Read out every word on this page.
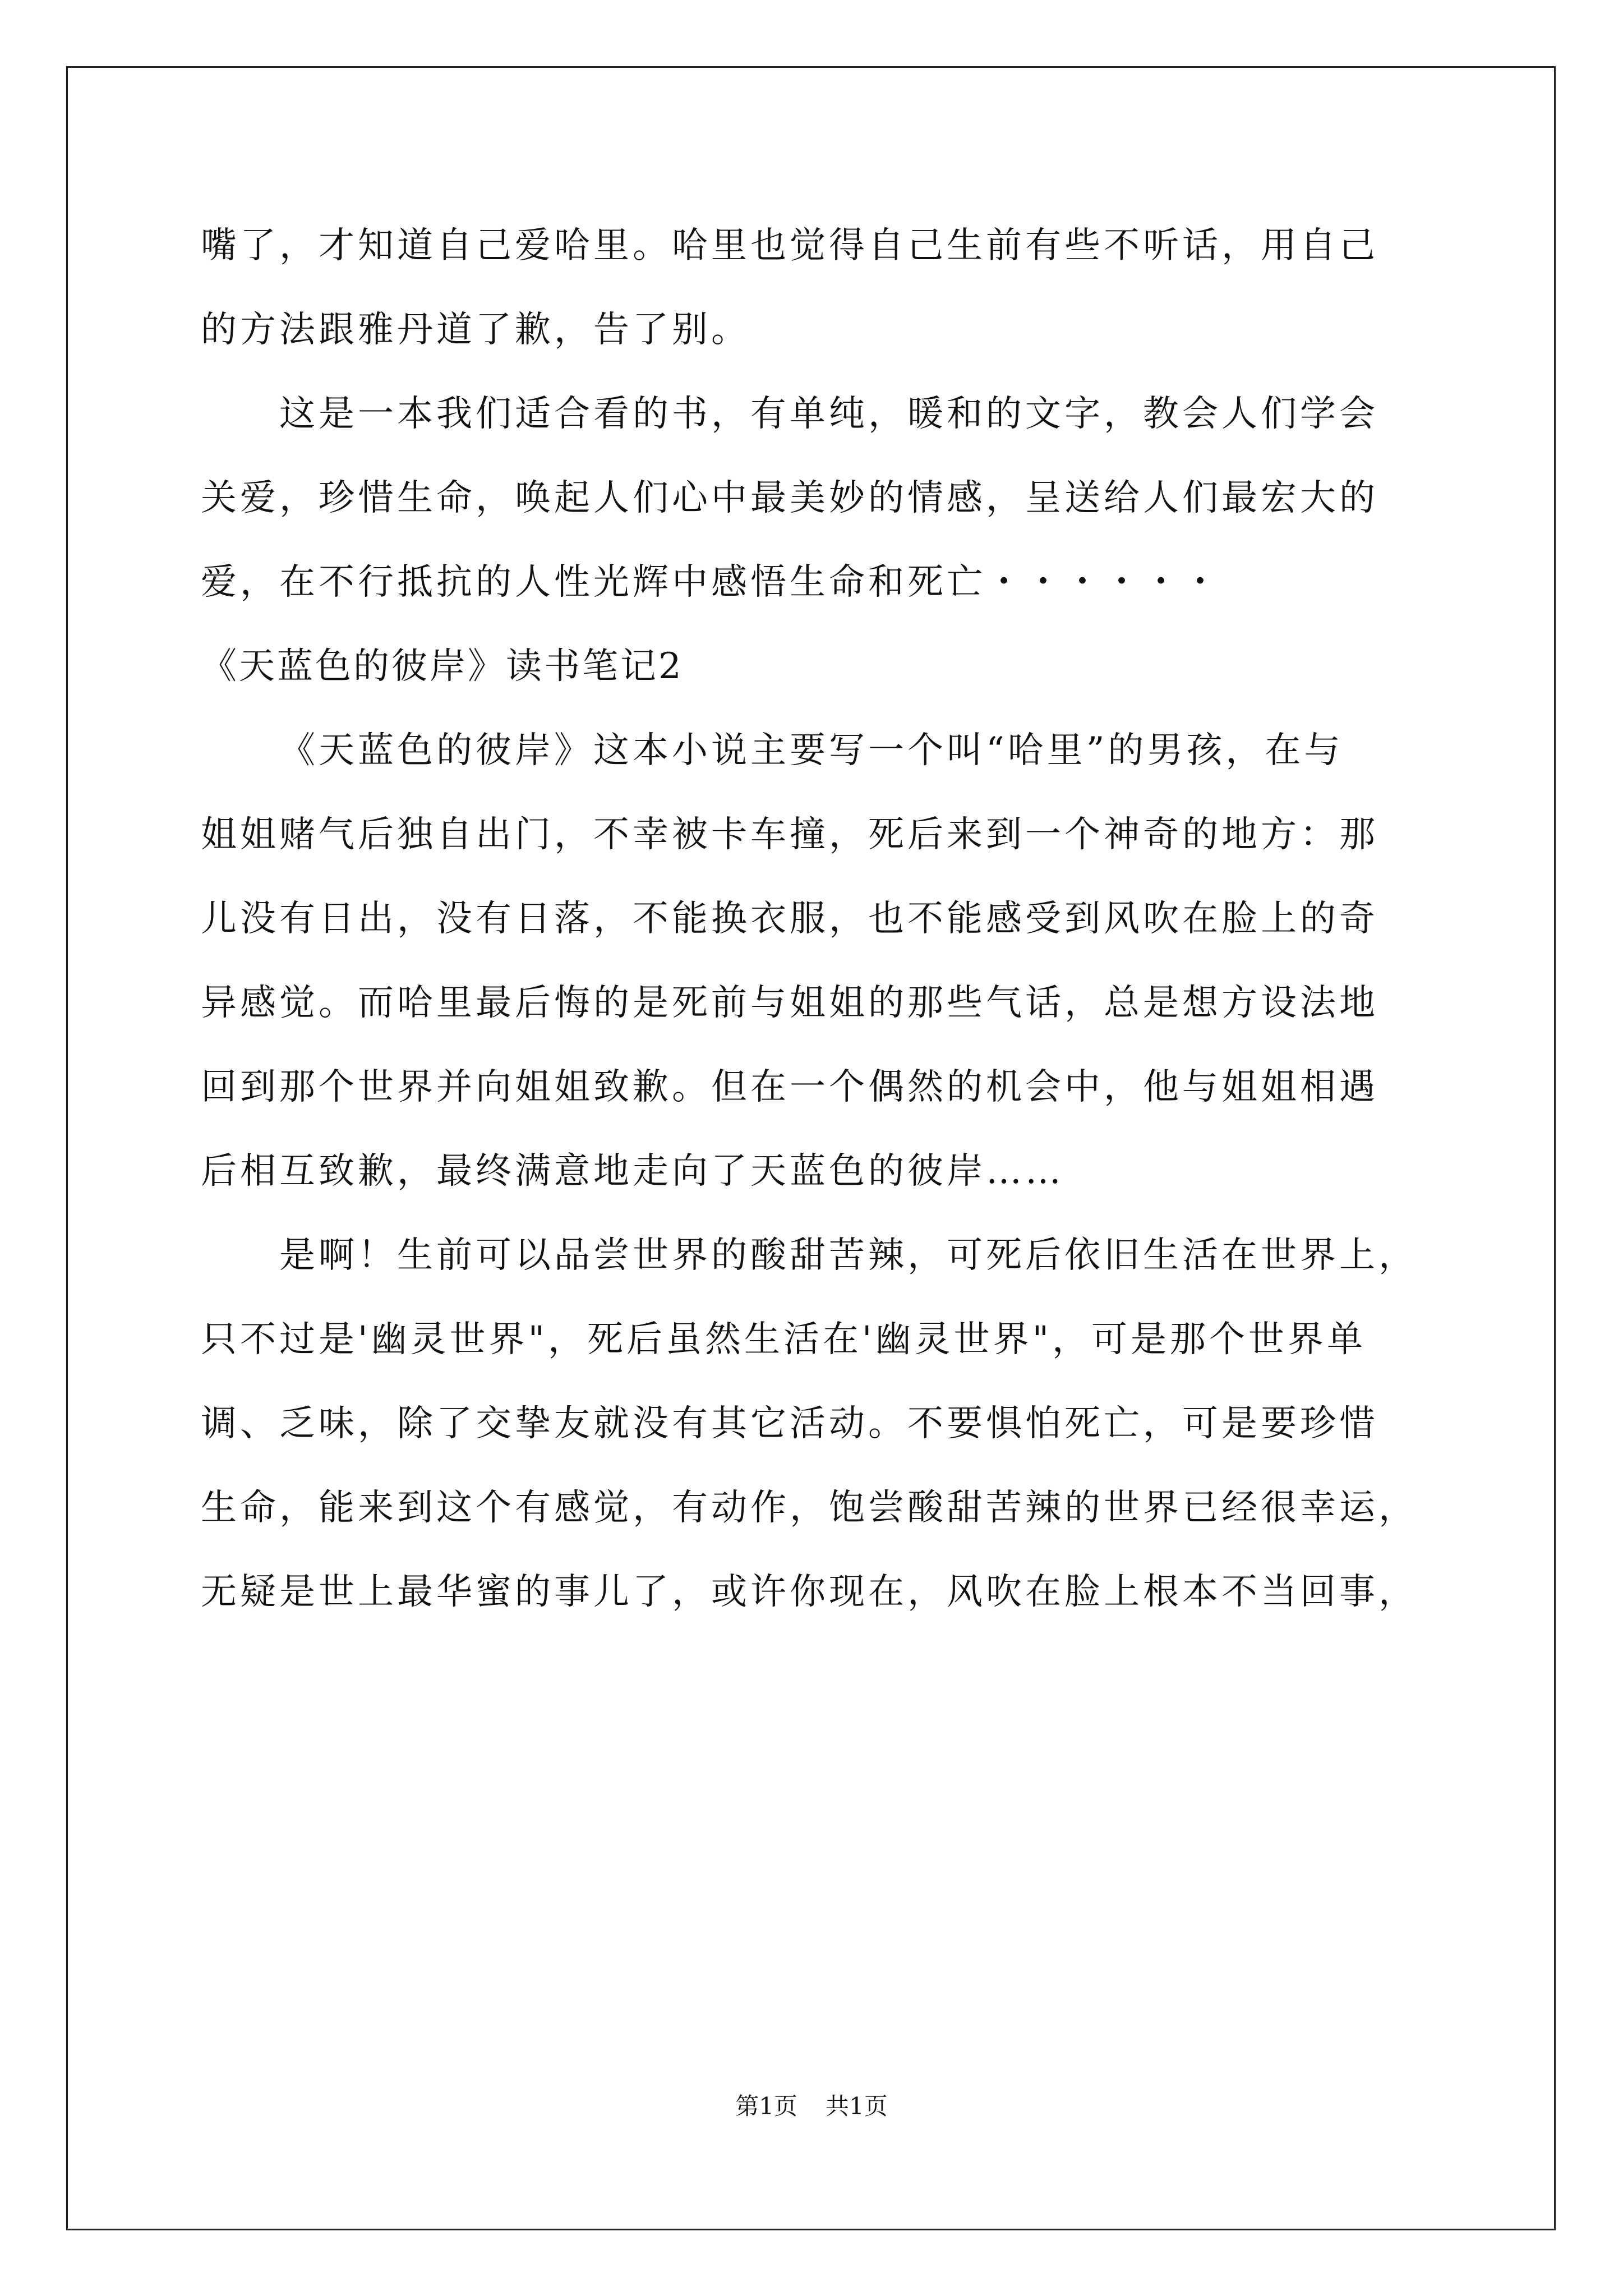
嘴了，才知道自己爱哈里。哈里也觉得自己生前有些不听话，用自己
的方法跟雅丹道了歉，告了别。
这是一本我们适合看的书，有单纯，暖和的文字，教会人们学会
关爱，珍惜生命，唤起人们心中最美妙的情感，呈送给人们最宏大的
爱，在不行抵抗的人性光辉中感悟生命和死亡・・・・・・
《天蓝色的彼岸》读书笔记2
《天蓝色的彼岸》这本小说主要写一个叫“哈里”的男孩，在与
姐姐赌气后独自出门，不幸被卡车撞，死后来到一个神奇的地方：那
儿没有日出，没有日落，不能换衣服，也不能感受到风吹在脸上的奇
异感觉。而哈里最后悔的是死前与姐姐的那些气话，总是想方设法地
回到那个世界并向姐姐致歉。但在一个偶然的机会中，他与姐姐相遇
后相互致歉，最终满意地走向了天蓝色的彼岸……
是啊！生前可以品尝世界的酸甜苦辣，可死后依旧生活在世界上，
只不过是'幽灵世界"，死后虽然生活在'幽灵世界"，可是那个世界单
调、乏味，除了交挚友就没有其它活动。不要惧怕死亡，可是要珍惜
生命，能来到这个有感觉，有动作，饱尝酸甜苦辣的世界已经很幸运，
无疑是世上最华蜜的事儿了，或许你现在，风吹在脸上根本不当回事，
第1页 共1页
